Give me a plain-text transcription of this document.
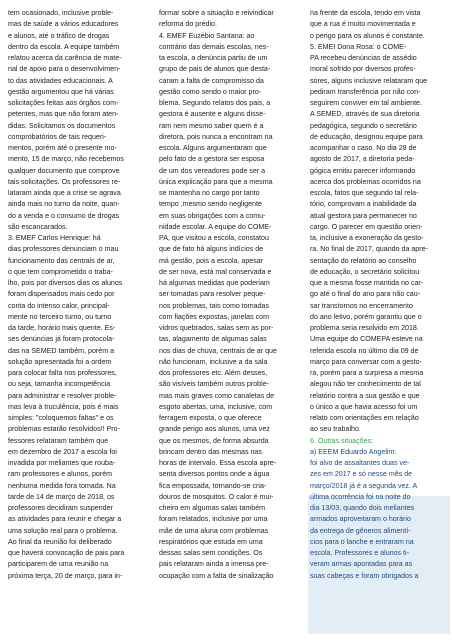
tem ocasionado, inclusive proble-
mas de saúde a vários educadores
e alunos, até o tráfico de drogas
dentro da escola. A equipe também
relatou acerca da carência de mate-
rial de apoio para o desenvolvimen-
to das atividades educacionais. A
gestão argumentou que há várias
solicitações feitas aos órgãos com-
petentes, mas que não foram aten-
didas. Solicitamos os documentos
comprobatórios de tais requeri-
mentos, porém até o presente mo-
mento, 15 de março, não recebemos
qualquer documento que comprove
tais solicitações. Os professores re-
lataram ainda que a crise se agrava
ainda mais no turno da noite, quan-
do a venda e o consumo de drogas
são escancarados.
3. EMEF Carlos Henrique: há
dias professores denunciam o mau
funcionamento das centrais de ar,
o que tem comprometido o traba-
lho, pois por diversos dias os alunos
foram dispensados mais cedo por
conta do intenso calor, principal-
mente no terceiro turno, ou turno
da tarde, horário mais quente. Es-
ses denúncias já foram protocola-
das na SEMED também, porém a
solução apresentada foi a ordem
para colocar falta nos professores,
ou seja, tamanha incompetência
para administrar e resolver proble-
mas leva à truculência, pois é mais
simples: "coloquemos faltas" e os
problemas estarão resolvidos!! Pro-
fessores relataram também que
em dezembro de 2017 a escola foi
invadida por meliantes que rouba-
ram professores e alunos, porém
nenhuma medida fora tomada. Na
tarde de 14 de março de 2018, os
professores decidiram suspender
as atividades para reunir e chegar a
uma solução real para o problema.
Ao final da reunião foi deliberado
que haverá convocação de pais para
participarem de uma reunião na
próxima terça, 20 de março, para in-
formar sobre a situação e reivindicar
reforma do prédio.
4. EMEF Euzébio Santana: ao
contrário das demais escolas, nes-
ta escola, a denúncia partiu de um
grupo de pais de alunos que desta-
caram a falta de compromisso da
gestão como sendo o maior pro-
blema. Segundo relatos dos pais, a
gestora é ausente e alguns disse-
ram nem mesmo saber quem é a
diretora, pois nunca a encontram na
escola. Alguns argumentaram que
pelo fato de a gestora ser esposa
de um dos vereadores pode ser a
única explicação para que a mesma
se mantenha no cargo por tanto
tempo ,mesmo sendo negligente
em suas obrigações com a comu-
nidade escolar. A equipe do COME-
PA, que visitou a escola, constatou
que de fato há alguns indícios de
má gestão, pois a escola, apesar
de ser nova, está mal conservada e
há algumas medidas que poderiam
ser tomadas para resolver peque-
nos problemas, tais como tomadas
com fiações expostas, janelas com
vidros quebrados, salas sem as por-
tas, alagamento de algumas salas
nos dias de chuva, centrais de ar que
não funcionam, inclusive a da sala
dos professores etc. Além desses,
são visíveis também outros proble-
mas mais graves como canaletas de
esgoto abertas, uma, inclusive, com
ferragem exposta, o que oferece
grande perigo aos alunos, uma vez
que os mesmos, de forma absurda
brincam dentro das mesmas nas
horas de intervalo. Essa escola apre-
senta diversos pontos onde a água
fica empossada, tornando-se cria-
douros de mosquitos. O calor é mui-
cheiro em algumas salas também
foram relatados, inclusive por uma
mãe de uma aluna com problemas
respiratórios que estuda em uma
dessas salas sem condições. Os
pais relataram ainda a imensa pre-
ocupação com a falta de sinalização
na frente da escola, tendo em vista
que a rua é muito movimentada e
o perigo para os alunos é constante.
5. EMEI Dona Rosa: o COME-
PA recebeu denúncias de assédio
moral sofrido por diversos profes-
sores, alguns inclusive relataram que
pediram transferência por não con-
seguirem conviver em tal ambiente.
A SEMED, através de sua diretoria
pedagógica, segundo o secretário
de educação, designou equipe para
acompanhar o caso. No dia 28 de
agosto de 2017, a diretoria peda-
gógica emitiu parecer informando
acerca dos problemas ocorridos na
escola, fatos que segundo tal rela-
tório, comprovam a inabilidade da
atual gestora para permanecer no
cargo. O parecer em questão orien-
ta, inclusive a exoneração da gesto-
ra. No final de 2017, quando da apre-
sentação do relatório ao conselho
de educação, o secretário solicitou
que a mesma fosse mantida no car-
go até o final do ano para não cau-
sar transtornos no encerramento
do ano letivo, porém garantiu que o
problema seria resolvido em 2018.
Uma equipe do COMEPA esteve na
referida escola no último dia 09 de
março para conversar com a gesto-
ra, porém para a surpresa a mesma
alegou não ter conhecimento de tal
relatório contra a sua gestão e que
o único a que havia acesso foi um
relato com orientações em relação
ao seu trabalho.
6. Outras situações:
a) EEEM Eduardo Angelim:
foi alvo de assaltantes duas ve-
zes em 2017 e só nesse mês de
março/2018 já é a segunda vez. A
última ocorrência foi na noite do
dia 13/03, quando dois meliantes
armados aproveitaram o horário
da entrega de gêneros alimentí-
cios para o lanche e entraram na
escola. Professores e alunos ti-
veram armas apontadas para as
suas cabeças e foram obrigados a
